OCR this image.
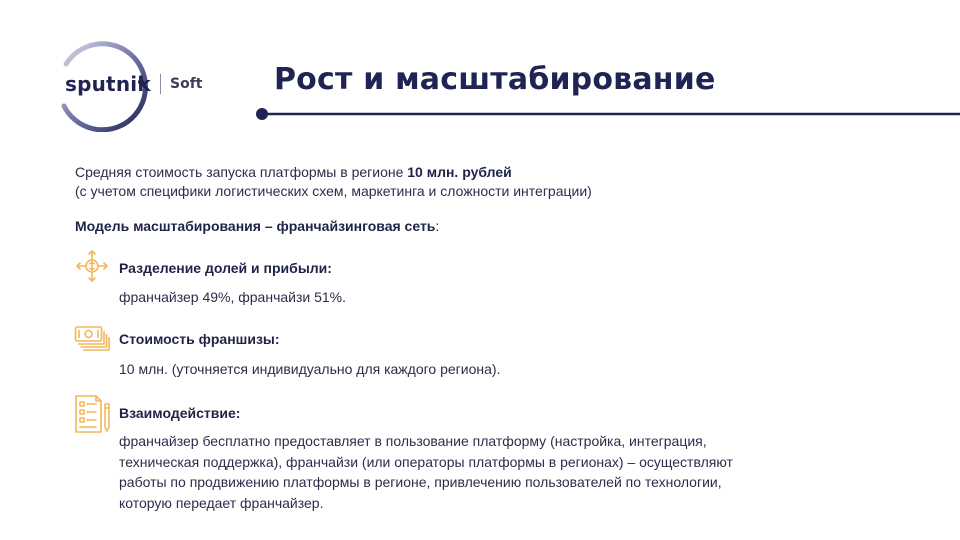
sputnik Soft Рост и масштабирование
Средняя стоимость запуска платформы в регионе 10 млн. рублей
(с учетом специфики логистических схем, маркетинга и сложности интеграции)
Модель масштабирования – франчайзинговая сеть:
Разделение долей и прибыли:
франчайзер 49%, франчайзи 51%.
Стоимость франшизы:
10 млн. (уточняется индивидуально для каждого региона).
Взаимодействие:
франчайзер бесплатно предоставляет в пользование платформу (настройка, интеграция,
техническая поддержка), франчайзи (или операторы платформы в регионах) – осуществляют
работы по продвижению платформы в регионе, привлечению пользователей по технологии,
которую передает франчайзер.
